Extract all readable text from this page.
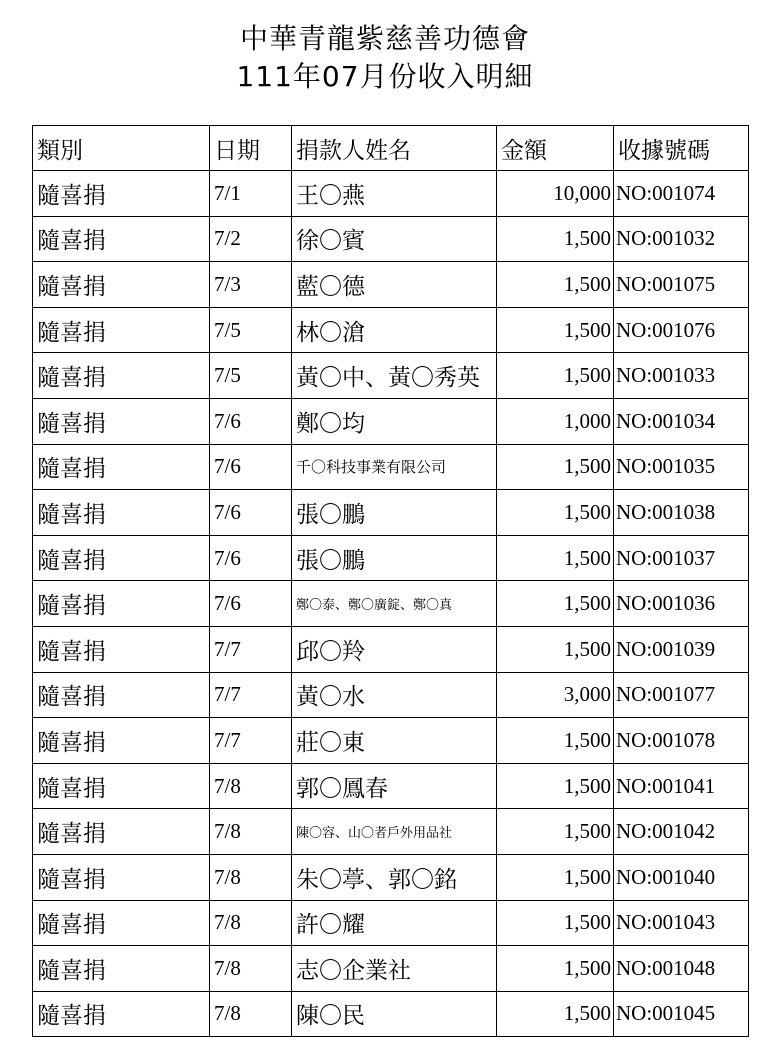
中華青龍紫慈善功德會
111年07月份收入明細
類別	日期	捐款人姓名	金額	收據號碼
隨喜捐	7/1	王〇燕	10,000	NO:001074
隨喜捐	7/2	徐〇賓	1,500	NO:001032
隨喜捐	7/3	藍〇德	1,500	NO:001075
隨喜捐	7/5	林〇滄	1,500	NO:001076
隨喜捐	7/5	黃〇中、黃〇秀英	1,500	NO:001033
隨喜捐	7/6	鄭〇均	1,000	NO:001034
隨喜捐	7/6	千〇科技事業有限公司	1,500	NO:001035
隨喜捐	7/6	張〇鵬	1,500	NO:001038
隨喜捐	7/6	張〇鵬	1,500	NO:001037
隨喜捐	7/6	鄭〇泰、鄭〇廣錠、鄭〇真	1,500	NO:001036
隨喜捐	7/7	邱〇羚	1,500	NO:001039
隨喜捐	7/7	黃〇水	3,000	NO:001077
隨喜捐	7/7	莊〇東	1,500	NO:001078
隨喜捐	7/8	郭〇鳳春	1,500	NO:001041
隨喜捐	7/8	陳〇容、山〇者戶外用品社	1,500	NO:001042
隨喜捐	7/8	朱〇葶、郭〇銘	1,500	NO:001040
隨喜捐	7/8	許〇耀	1,500	NO:001043
隨喜捐	7/8	志〇企業社	1,500	NO:001048
隨喜捐	7/8	陳〇民	1,500	NO:001045
